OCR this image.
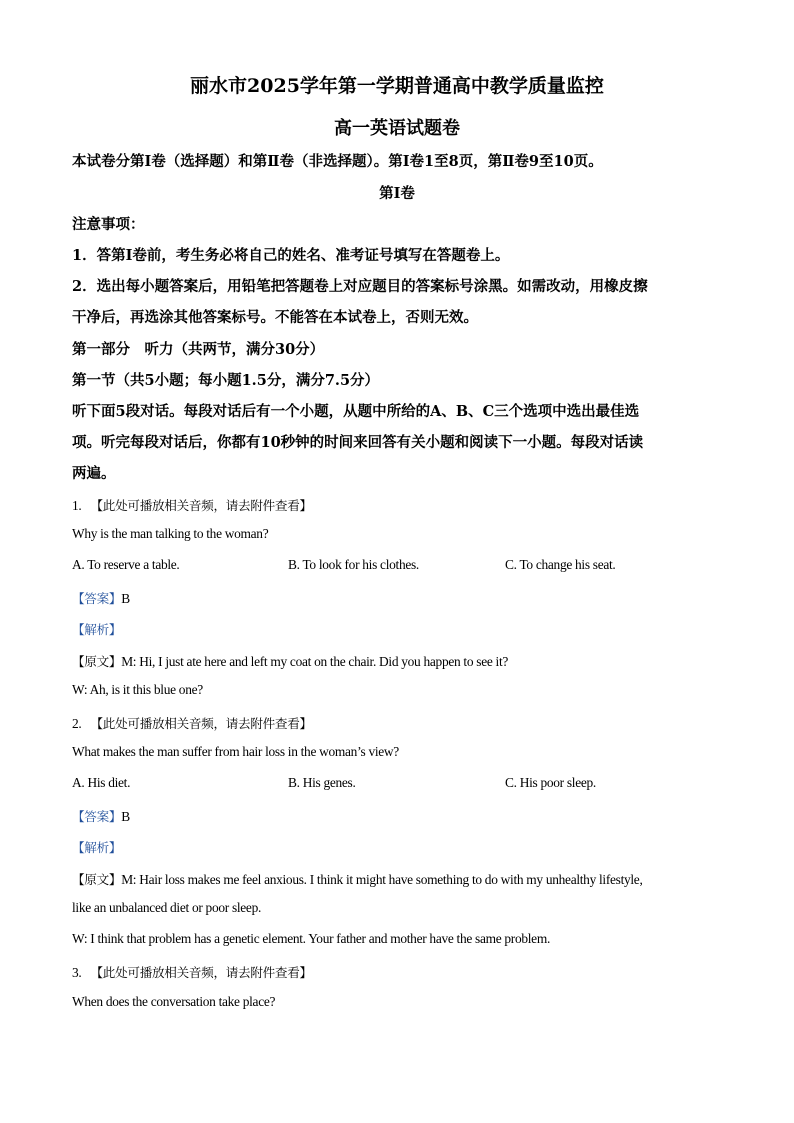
丽水市2025学年第一学期普通高中教学质量监控
高一英语试题卷
本试卷分第Ⅰ卷（选择题）和第Ⅱ卷（非选择题）。第Ⅰ卷1至8页，第Ⅱ卷9至10页。
第Ⅰ卷
注意事项：
1．答第Ⅰ卷前，考生务必将自己的姓名、准考证号填写在答题卷上。
2．选出每小题答案后，用铅笔把答题卷上对应题目的答案标号涂黑。如需改动，用橡皮擦
干净后，再选涂其他答案标号。不能答在本试卷上，否则无效。
第一部分　听力（共两节，满分30分）
第一节（共5小题；每小题1.5分，满分7.5分）
听下面5段对话。每段对话后有一个小题，从题中所给的A、B、C三个选项中选出最佳选
项。听完每段对话后，你都有10秒钟的时间来回答有关小题和阅读下一小题。每段对话读
两遍。
1. 【此处可播放相关音频，请去附件查看】
Why is the man talking to the woman?
A. To reserve a table.	B. To look for his clothes.	C. To change his seat.
【答案】B
【解析】
【原文】M: Hi, I just ate here and left my coat on the chair. Did you happen to see it?
W: Ah, is it this blue one?
2. 【此处可播放相关音频，请去附件查看】
What makes the man suffer from hair loss in the woman’s view?
A. His diet.	B. His genes.	C. His poor sleep.
【答案】B
【解析】
【原文】M: Hair loss makes me feel anxious. I think it might have something to do with my unhealthy lifestyle,
like an unbalanced diet or poor sleep.
W: I think that problem has a genetic element. Your father and mother have the same problem.
3. 【此处可播放相关音频，请去附件查看】
When does the conversation take place?
